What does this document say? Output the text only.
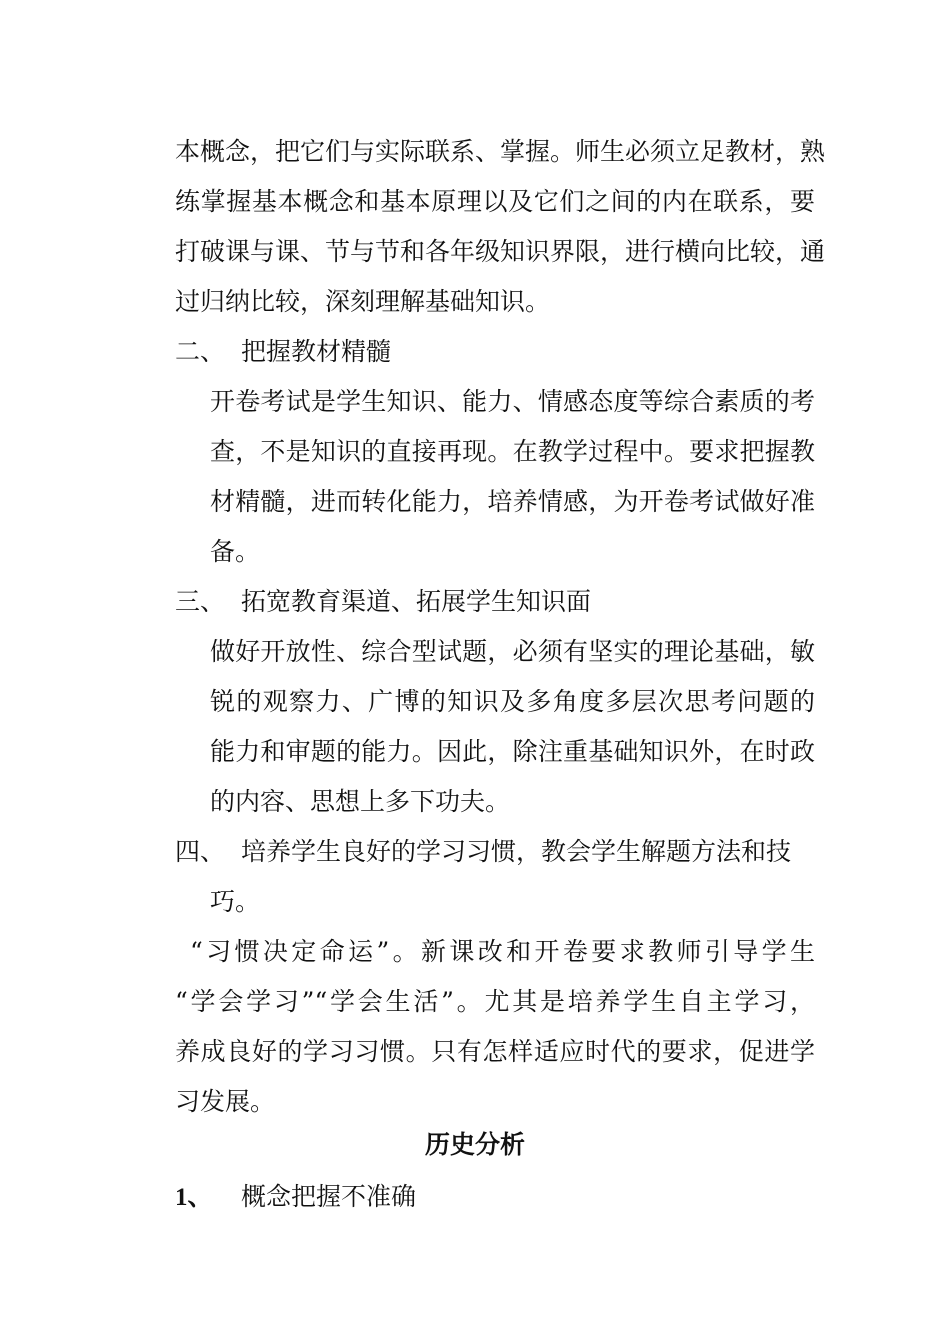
本概念，把它们与实际联系、掌握。师生必须立足教材，熟
练掌握基本概念和基本原理以及它们之间的内在联系，要
打破课与课、节与节和各年级知识界限，进行横向比较，通
过归纳比较，深刻理解基础知识。
二、 把握教材精髓
开卷考试是学生知识、能力、情感态度等综合素质的考
查，不是知识的直接再现。在教学过程中。要求把握教
材精髓，进而转化能力，培养情感，为开卷考试做好准
备。
三、 拓宽教育渠道、拓展学生知识面
做好开放性、综合型试题，必须有坚实的理论基础，敏
锐的观察力、广博的知识及多角度多层次思考问题的
能力和审题的能力。因此，除注重基础知识外，在时政
的内容、思想上多下功夫。
四、 培养学生良好的学习习惯，教会学生解题方法和技
巧。
“习惯决定命运”。新课改和开卷要求教师引导学生
“学会学习”“学会生活”。尤其是培养学生自主学习，
养成良好的学习习惯。只有怎样适应时代的要求，促进学
习发展。
历史分析
1、 概念把握不准确
